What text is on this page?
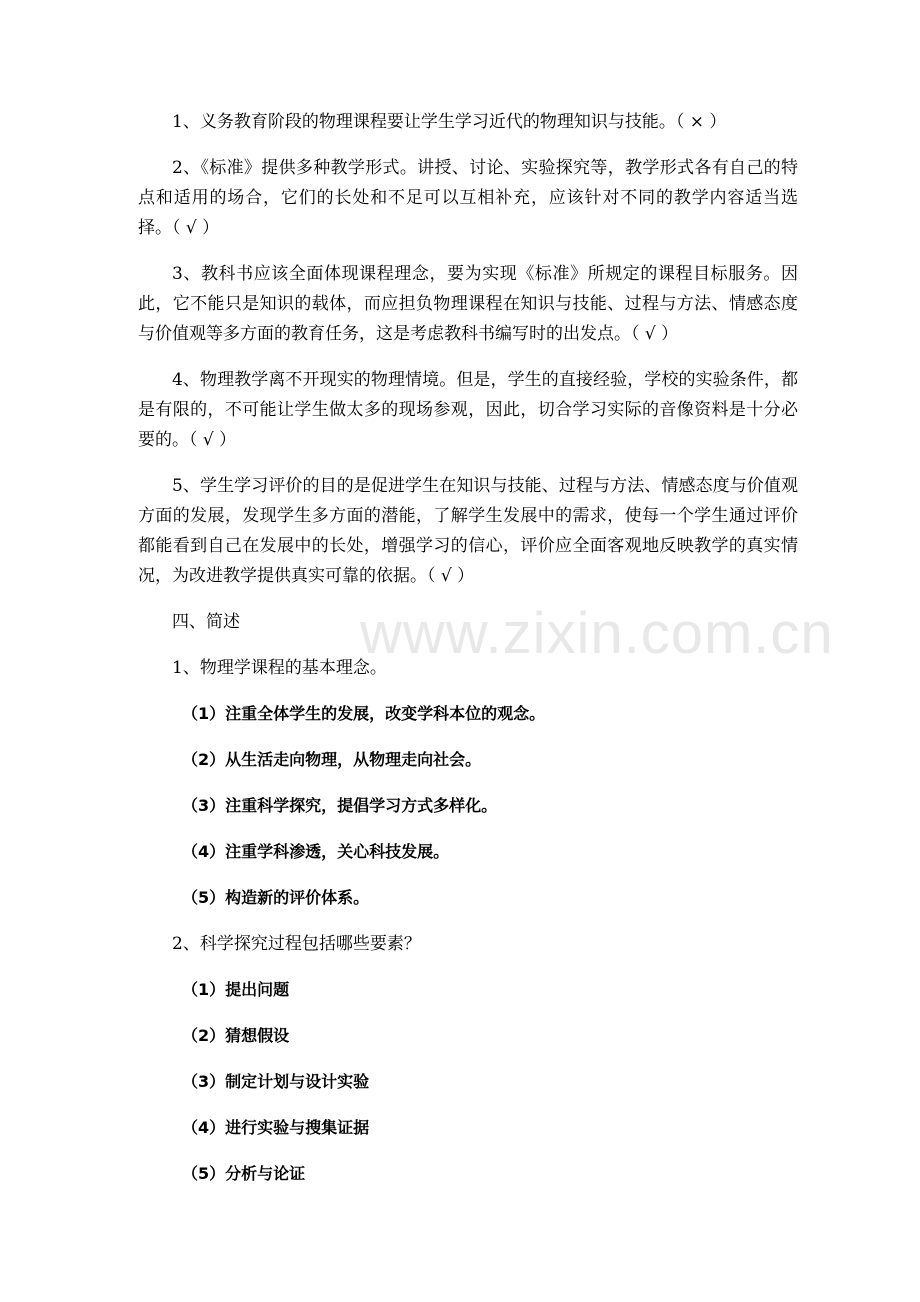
www.zixin.com.cn

1、义务教育阶段的物理课程要让学生学习近代的物理知识与技能。（ × ）

2、《标准》提供多种教学形式。讲授、讨论、实验探究等，教学形式各有自己的特点和适用的场合，它们的长处和不足可以互相补充，应该针对不同的教学内容适当选择。（ √ ）

3、教科书应该全面体现课程理念，要为实现《标准》所规定的课程目标服务。因此，它不能只是知识的载体，而应担负物理课程在知识与技能、过程与方法、情感态度与价值观等多方面的教育任务，这是考虑教科书编写时的出发点。（ √ ）

4、物理教学离不开现实的物理情境。但是，学生的直接经验，学校的实验条件，都是有限的，不可能让学生做太多的现场参观，因此，切合学习实际的音像资料是十分必要的。（ √ ）

5、学生学习评价的目的是促进学生在知识与技能、过程与方法、情感态度与价值观方面的发展，发现学生多方面的潜能，了解学生发展中的需求，使每一个学生通过评价都能看到自己在发展中的长处，增强学习的信心，评价应全面客观地反映教学的真实情况，为改进教学提供真实可靠的依据。（ √ ）

四、简述

1、物理学课程的基本理念。

（1）注重全体学生的发展，改变学科本位的观念。

（2）从生活走向物理，从物理走向社会。

（3）注重科学探究，提倡学习方式多样化。

（4）注重学科渗透，关心科技发展。

（5）构造新的评价体系。

2、科学探究过程包括哪些要素？

（1）提出问题

（2）猜想假设

（3）制定计划与设计实验

（4）进行实验与搜集证据

（5）分析与论证
